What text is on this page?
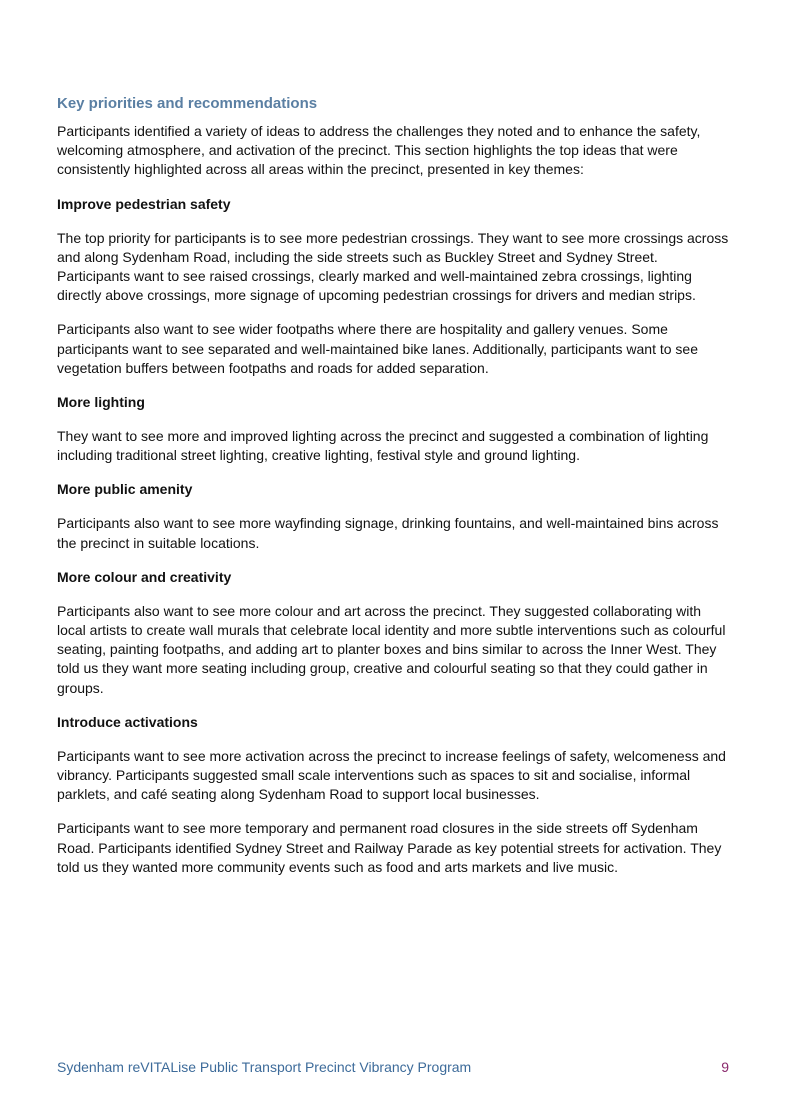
Key priorities and recommendations

Participants identified a variety of ideas to address the challenges they noted and to enhance the safety, welcoming atmosphere, and activation of the precinct. This section highlights the top ideas that were consistently highlighted across all areas within the precinct, presented in key themes:

Improve pedestrian safety

The top priority for participants is to see more pedestrian crossings. They want to see more crossings across and along Sydenham Road, including the side streets such as Buckley Street and Sydney Street. Participants want to see raised crossings, clearly marked and well-maintained zebra crossings, lighting directly above crossings, more signage of upcoming pedestrian crossings for drivers and median strips.

Participants also want to see wider footpaths where there are hospitality and gallery venues. Some participants want to see separated and well-maintained bike lanes. Additionally, participants want to see vegetation buffers between footpaths and roads for added separation.

More lighting

They want to see more and improved lighting across the precinct and suggested a combination of lighting including traditional street lighting, creative lighting, festival style and ground lighting.

More public amenity

Participants also want to see more wayfinding signage, drinking fountains, and well-maintained bins across the precinct in suitable locations.

More colour and creativity

Participants also want to see more colour and art across the precinct. They suggested collaborating with local artists to create wall murals that celebrate local identity and more subtle interventions such as colourful seating, painting footpaths, and adding art to planter boxes and bins similar to across the Inner West. They told us they want more seating including group, creative and colourful seating so that they could gather in groups.

Introduce activations

Participants want to see more activation across the precinct to increase feelings of safety, welcomeness and vibrancy. Participants suggested small scale interventions such as spaces to sit and socialise, informal parklets, and café seating along Sydenham Road to support local businesses.

Participants want to see more temporary and permanent road closures in the side streets off Sydenham Road. Participants identified Sydney Street and Railway Parade as key potential streets for activation. They told us they wanted more community events such as food and arts markets and live music.

Sydenham reVITALise Public Transport Precinct Vibrancy Program	9
